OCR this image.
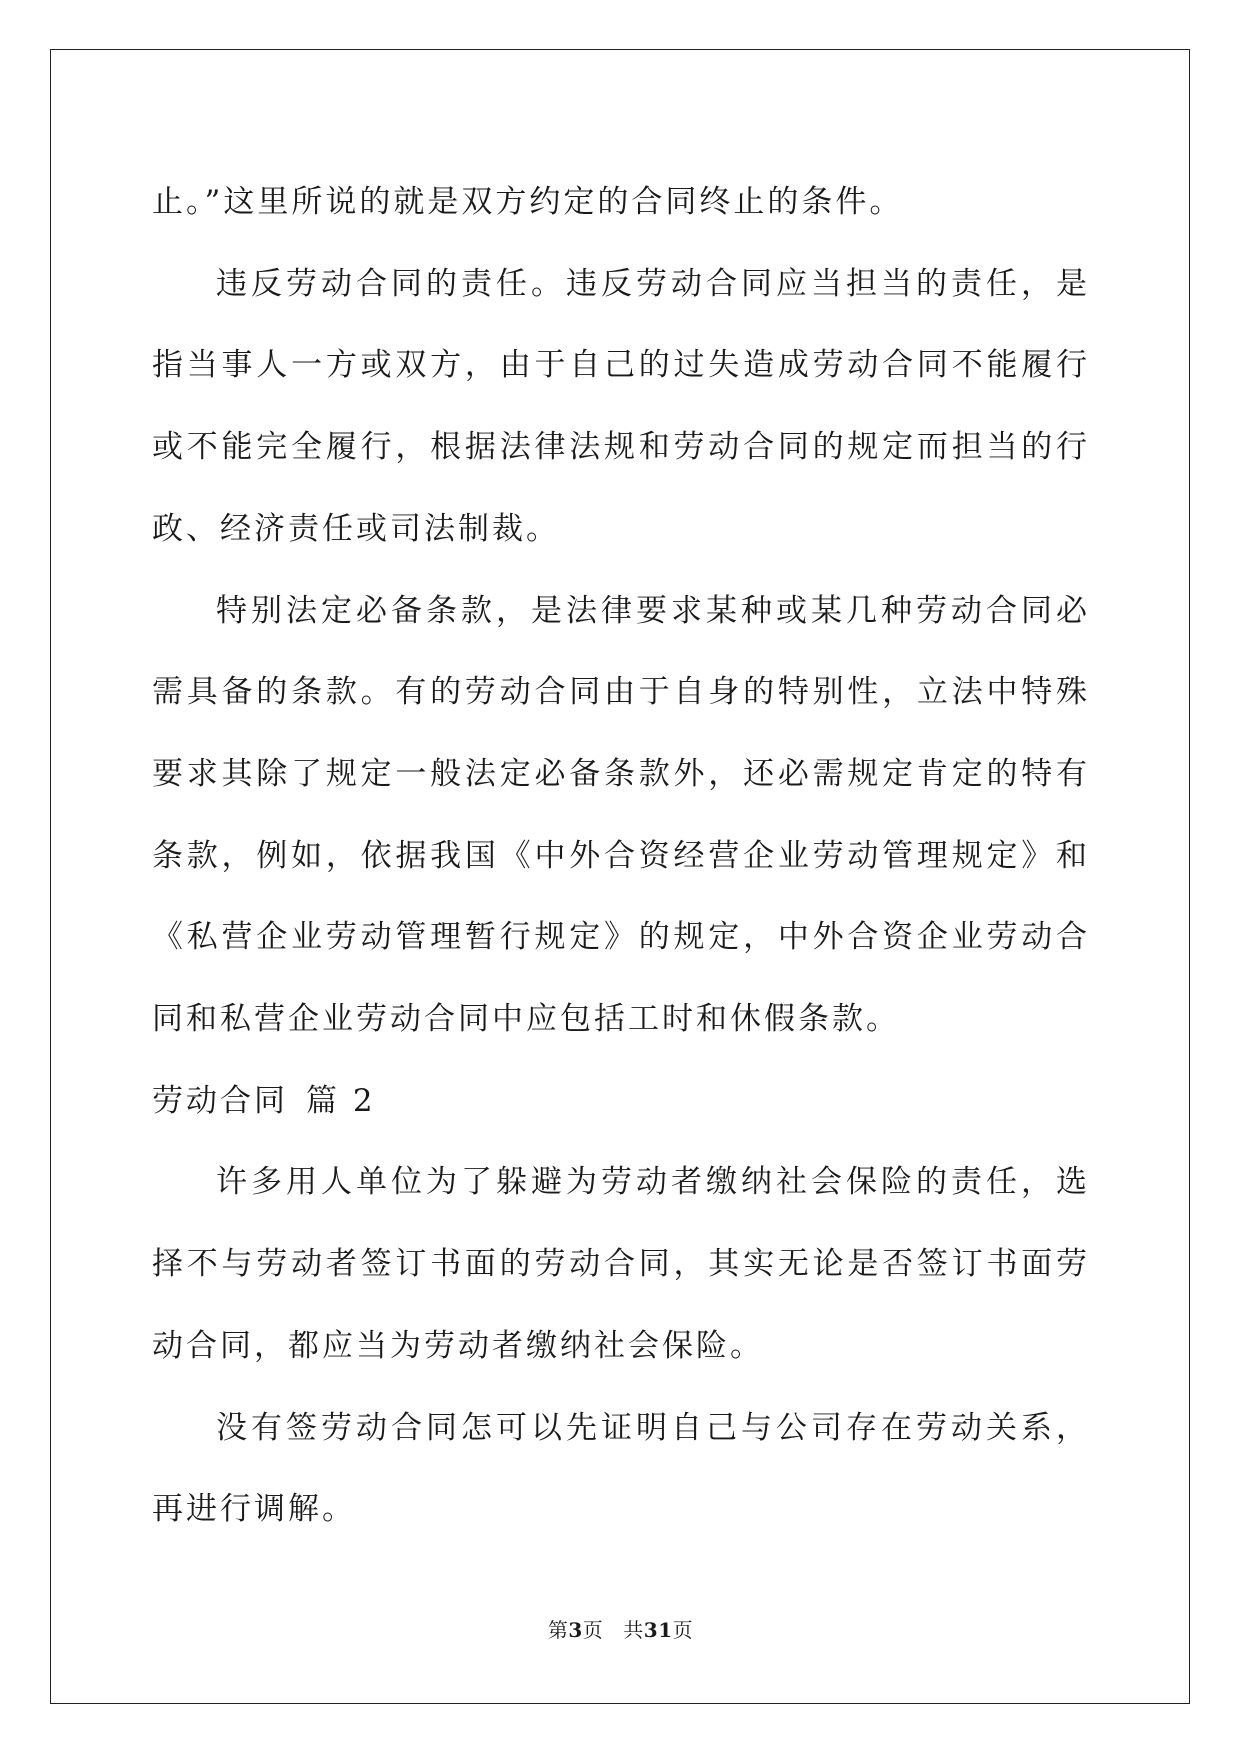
止。”这里所说的就是双方约定的合同终止的条件。

违反劳动合同的责任。违反劳动合同应当担当的责任，是指当事人一方或双方，由于自己的过失造成劳动合同不能履行或不能完全履行，根据法律法规和劳动合同的规定而担当的行政、经济责任或司法制裁。

特别法定必备条款，是法律要求某种或某几种劳动合同必需具备的条款。有的劳动合同由于自身的特别性，立法中特殊要求其除了规定一般法定必备条款外，还必需规定肯定的特有条款，例如，依据我国《中外合资经营企业劳动管理规定》和《私营企业劳动管理暂行规定》的规定，中外合资企业劳动合同和私营企业劳动合同中应包括工时和休假条款。

劳动合同 篇 2

许多用人单位为了躲避为劳动者缴纳社会保险的责任，选择不与劳动者签订书面的劳动合同，其实无论是否签订书面劳动合同，都应当为劳动者缴纳社会保险。

没有签劳动合同怎可以先证明自己与公司存在劳动关系，再进行调解。

第3页 共31页
